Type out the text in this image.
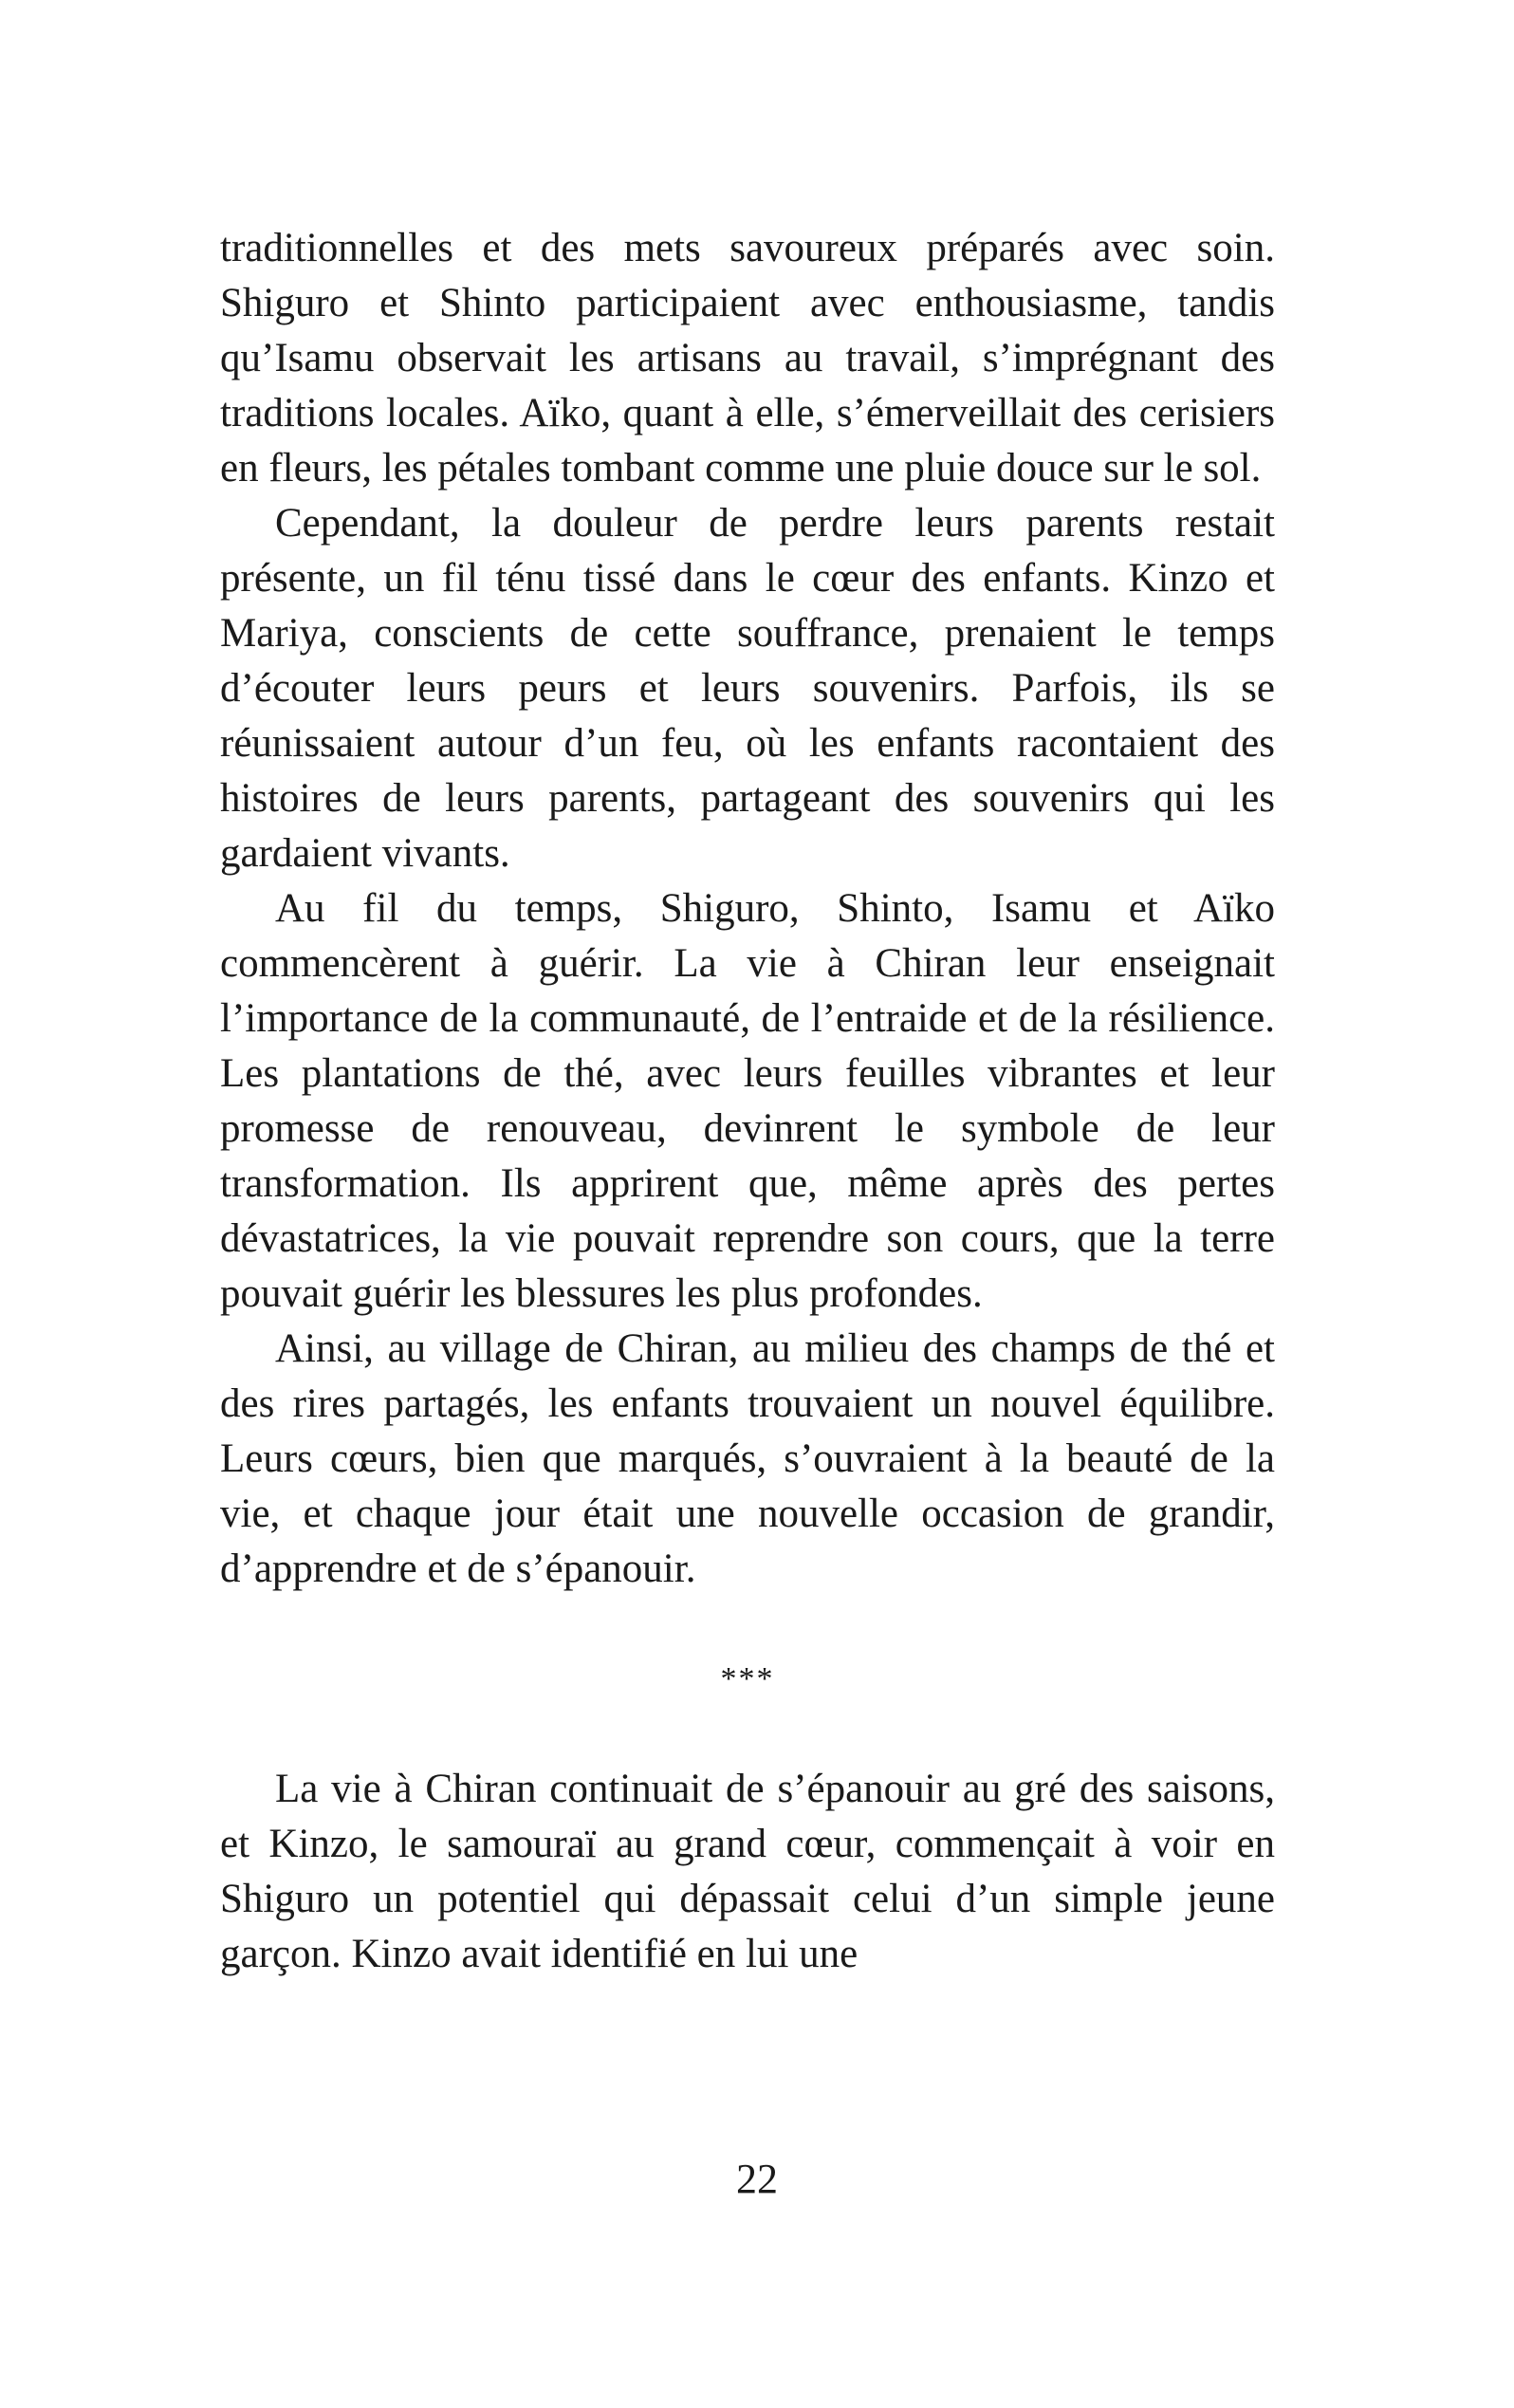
traditionnelles et des mets savoureux préparés avec soin. Shiguro et Shinto participaient avec enthousiasme, tandis qu’Isamu observait les artisans au travail, s’imprégnant des traditions locales. Aïko, quant à elle, s’émerveillait des cerisiers en fleurs, les pétales tombant comme une pluie douce sur le sol.

Cependant, la douleur de perdre leurs parents restait présente, un fil ténu tissé dans le cœur des enfants. Kinzo et Mariya, conscients de cette souffrance, prenaient le temps d’écouter leurs peurs et leurs souvenirs. Parfois, ils se réunissaient autour d’un feu, où les enfants racontaient des histoires de leurs parents, partageant des souvenirs qui les gardaient vivants.

Au fil du temps, Shiguro, Shinto, Isamu et Aïko commencèrent à guérir. La vie à Chiran leur enseignait l’importance de la communauté, de l’entraide et de la résilience. Les plantations de thé, avec leurs feuilles vibrantes et leur promesse de renouveau, devinrent le symbole de leur transformation. Ils apprirent que, même après des pertes dévastatrices, la vie pouvait reprendre son cours, que la terre pouvait guérir les blessures les plus profondes.

Ainsi, au village de Chiran, au milieu des champs de thé et des rires partagés, les enfants trouvaient un nouvel équilibre. Leurs cœurs, bien que marqués, s’ouvraient à la beauté de la vie, et chaque jour était une nouvelle occasion de grandir, d’apprendre et de s’épanouir.

***

La vie à Chiran continuait de s’épanouir au gré des saisons, et Kinzo, le samouraï au grand cœur, commençait à voir en Shiguro un potentiel qui dépassait celui d’un simple jeune garçon. Kinzo avait identifié en lui une

22
